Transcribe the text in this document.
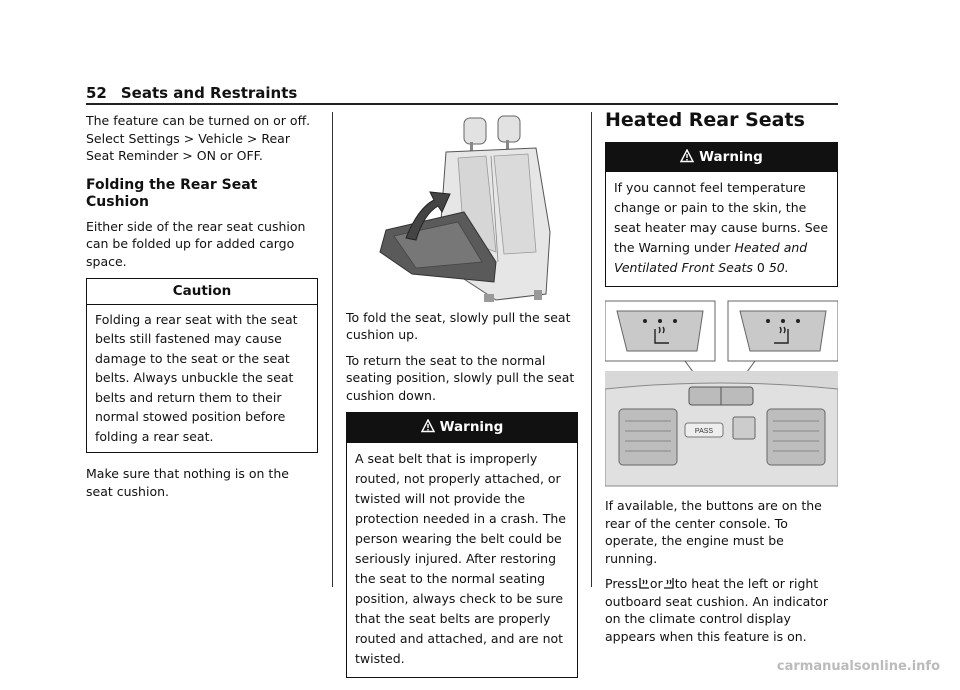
52 Seats and Restraints

The feature can be turned on or off. Select Settings > Vehicle > Rear Seat Reminder > ON or OFF.

Folding the Rear Seat Cushion

Either side of the rear seat cushion can be folded up for added cargo space.

Caution
Folding a rear seat with the seat belts still fastened may cause damage to the seat or the seat belts. Always unbuckle the seat belts and return them to their normal stowed position before folding a rear seat.

Make sure that nothing is on the seat cushion.

To fold the seat, slowly pull the seat cushion up.

To return the seat to the normal seating position, slowly pull the seat cushion down.

Warning
A seat belt that is improperly routed, not properly attached, or twisted will not provide the protection needed in a crash. The person wearing the belt could be seriously injured. After restoring the seat to the normal seating position, always check to be sure that the seat belts are properly routed and attached, and are not twisted.
Heated Rear Seats
Warning
If you cannot feel temperature change or pain to the skin, the seat heater may cause burns. See the Warning under Heated and Ventilated Front Seats 0 50.
PASS

If available, the buttons are on the rear of the center console. To operate, the engine must be running.

Press or to heat the left or right outboard seat cushion. An indicator on the climate control display appears when this feature is on.

carmanualsonline.info
